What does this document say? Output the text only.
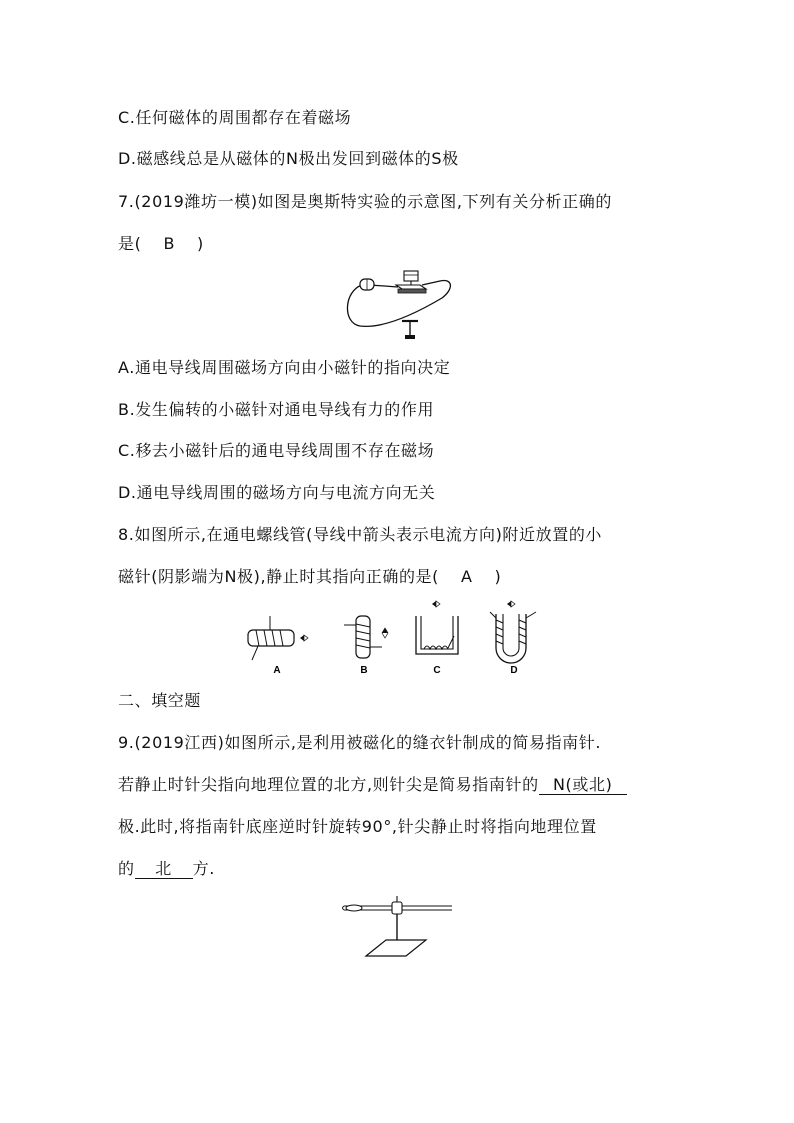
C.任何磁体的周围都存在着磁场
D.磁感线总是从磁体的N极出发回到磁体的S极
7.(2019潍坊一模)如图是奥斯特实验的示意图,下列有关分析正确的
是( B )
A.通电导线周围磁场方向由小磁针的指向决定
B.发生偏转的小磁针对通电导线有力的作用
C.移去小磁针后的通电导线周围不存在磁场
D.通电导线周围的磁场方向与电流方向无关
8.如图所示,在通电螺线管(导线中箭头表示电流方向)附近放置的小
磁针(阴影端为N极),静止时其指向正确的是( A )
A	B	C	D
二、填空题
9.(2019江西)如图所示,是利用被磁化的缝衣针制成的简易指南针.
若静止时针尖指向地理位置的北方,则针尖是简易指南针的 N(或北)
极.此时,将指南针底座逆时针旋转90°,针尖静止时将指向地理位置
的 北 方.
